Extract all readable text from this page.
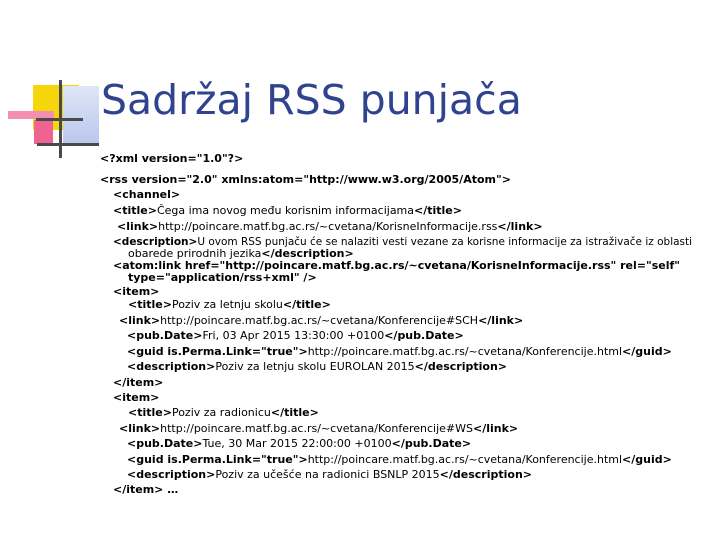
Sadržaj RSS punjača
<?xml version="1.0"?>
<rss version="2.0" xmlns:atom="http://www.w3.org/2005/Atom">
<channel>
<title>Čega ima novog među korisnim informacijama</title>
<link>http://poincare.matf.bg.ac.rs/~cvetana/KorisneInformacije.rss</link>
<description>U ovom RSS punjaču će se nalaziti vesti vezane za korisne informacije za istraživače iz oblasti
obarede prirodnih jezika</description>
<atom:link href="http://poincare.matf.bg.ac.rs/~cvetana/KorisneInformacije.rss" rel="self"
type="application/rss+xml" />
<item>
<title>Poziv za letnju skolu</title>
<link>http://poincare.matf.bg.ac.rs/~cvetana/Konferencije#SCH</link>
<pub.Date>Fri, 03 Apr 2015 13:30:00 +0100</pub.Date>
<guid is.Perma.Link="true">http://poincare.matf.bg.ac.rs/~cvetana/Konferencije.html</guid>
<description>Poziv za letnju skolu EUROLAN 2015</description>
</item>
<item>
<title>Poziv za radionicu</title>
<link>http://poincare.matf.bg.ac.rs/~cvetana/Konferencije#WS</link>
<pub.Date>Tue, 30 Mar 2015 22:00:00 +0100</pub.Date>
<guid is.Perma.Link="true">http://poincare.matf.bg.ac.rs/~cvetana/Konferencije.html</guid>
<description>Poziv za učešće na radionici BSNLP 2015</description>
</item> …
